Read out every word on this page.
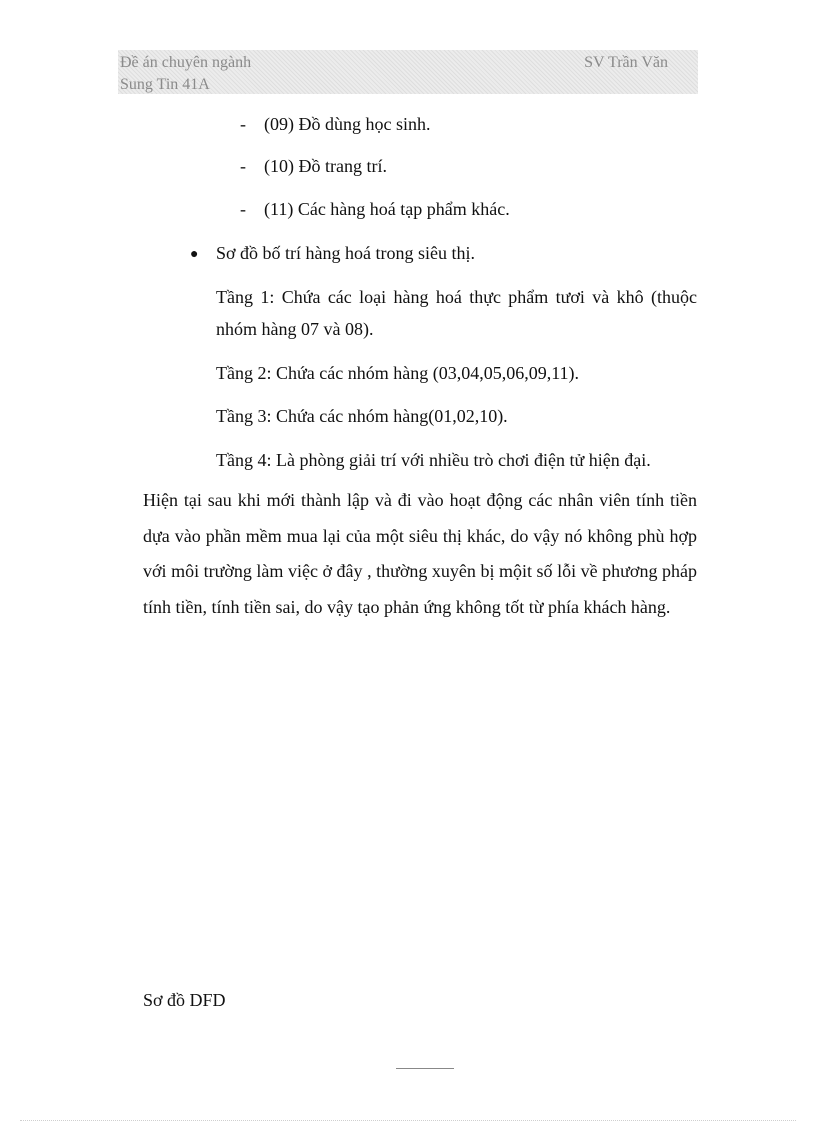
Đề án chuyên ngành	SV Trần Văn
Sung Tin 41A
- (09) Đồ dùng học sinh.
- (10) Đồ trang trí.
- (11) Các hàng hoá tạp phẩm khác.
● Sơ đồ bố trí hàng hoá trong siêu thị.
Tầng 1: Chứa các loại hàng hoá thực phẩm tươi và khô (thuộc nhóm hàng 07 và 08).
Tầng 2: Chứa các nhóm hàng (03,04,05,06,09,11).
Tầng 3: Chứa các nhóm hàng(01,02,10).
Tầng 4: Là phòng giải trí với nhiều trò chơi điện tử hiện đại.
Hiện tại sau khi mới thành lập và đi vào hoạt động các nhân viên tính tiền dựa vào phần mềm mua lại của một siêu thị khác, do vậy nó không phù hợp với môi trường làm việc ở đây , thường xuyên bị mộit số lỗi về phương pháp tính tiền, tính tiền sai, do vậy tạo phản ứng không tốt từ phía khách hàng.
Sơ đồ DFD
